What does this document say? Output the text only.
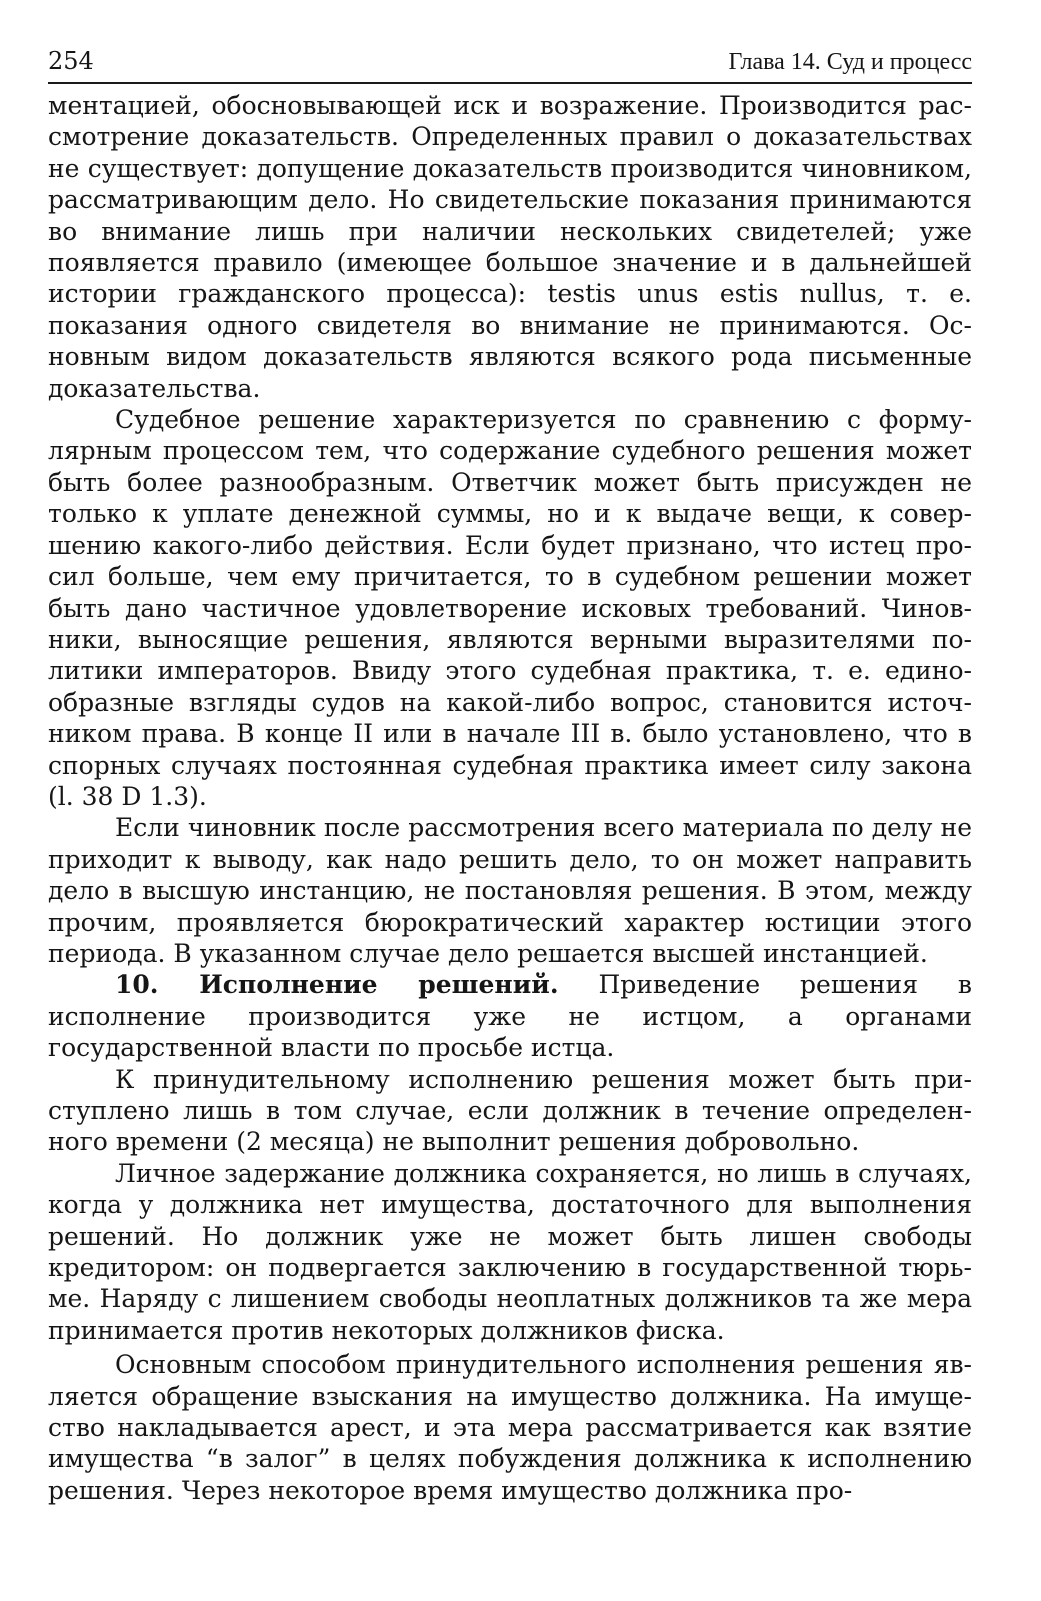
254	Глава 14. Суд и процесс

ментацией, обосновывающей иск и возражение. Производится рассмотрение доказательств. Определенных правил о доказательствах не существует: допущение доказательств производится чиновником, рассматривающим дело. Но свидетельские показания принимаются во внимание лишь при наличии нескольких свидетелей; уже появляется правило (имеющее большое значение и в дальнейшей истории гражданского процесса): testis unus estis nullus, т. е. показания одного свидетеля во внимание не принимаются. Основным видом доказательств являются всякого рода письменные доказательства.

Судебное решение характеризуется по сравнению с формулярным процессом тем, что содержание судебного решения может быть более разнообразным. Ответчик может быть присужден не только к уплате денежной суммы, но и к выдаче вещи, к совершению какого-либо действия. Если будет признано, что истец просил больше, чем ему причитается, то в судебном решении может быть дано частичное удовлетворение исковых требований. Чиновники, выносящие решения, являются верными выразителями политики императоров. Ввиду этого судебная практика, т. е. единообразные взгляды судов на какой-либо вопрос, становится источником права. В конце II или в начале III в. было установлено, что в спорных случаях постоянная судебная практика имеет силу закона (l. 38 D 1.3).

Если чиновник после рассмотрения всего материала по делу не приходит к выводу, как надо решить дело, то он может направить дело в высшую инстанцию, не постановляя решения. В этом, между прочим, проявляется бюрократический характер юстиции этого периода. В указанном случае дело решается высшей инстанцией.

10. Исполнение решений. Приведение решения в исполнение производится уже не истцом, а органами государственной власти по просьбе истца.

К принудительному исполнению решения может быть приступлено лишь в том случае, если должник в течение определенного времени (2 месяца) не выполнит решения добровольно.

Личное задержание должника сохраняется, но лишь в случаях, когда у должника нет имущества, достаточного для выполнения решений. Но должник уже не может быть лишен свободы кредитором: он подвергается заключению в государственной тюрьме. Наряду с лишением свободы неоплатных должников та же мера принимается против некоторых должников фиска.

Основным способом принудительного исполнения решения является обращение взыскания на имущество должника. На имущество накладывается арест, и эта мера рассматривается как взятие имущества “в залог” в целях побуждения должника к исполнению решения. Через некоторое время имущество должника про-
